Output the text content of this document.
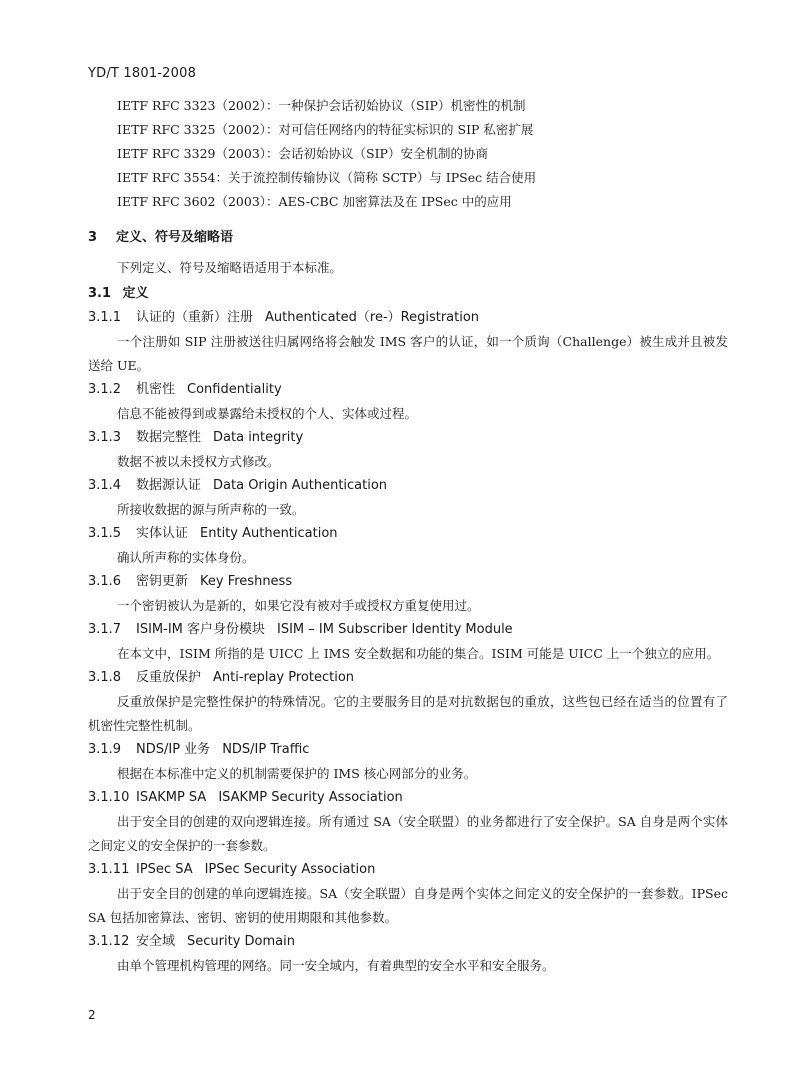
YD/T 1801-2008
IETF RFC 3323（2002）：一种保护会话初始协议（SIP）机密性的机制
IETF RFC 3325（2002）：对可信任网络内的特征实标识的 SIP 私密扩展
IETF RFC 3329（2003）：会话初始协议（SIP）安全机制的协商
IETF RFC 3554：关于流控制传输协议（简称 SCTP）与 IPSec 结合使用
IETF RFC 3602（2003）：AES-CBC 加密算法及在 IPSec 中的应用
3 定义、符号及缩略语
下列定义、符号及缩略语适用于本标准。
3.1 定义
3.1.1 认证的（重新）注册 Authenticated（re-）Registration

一个注册如 SIP 注册被送往归属网络将会触发 IMS 客户的认证，如一个质询（Challenge）被生成并且被发送给 UE。

3.1.2 机密性 Confidentiality

信息不能被得到或暴露给未授权的个人、实体或过程。

3.1.3 数据完整性 Data integrity

数据不被以未授权方式修改。

3.1.4 数据源认证 Data Origin Authentication

所接收数据的源与所声称的一致。

3.1.5 实体认证 Entity Authentication

确认所声称的实体身份。

3.1.6 密钥更新 Key Freshness

一个密钥被认为是新的，如果它没有被对手或授权方重复使用过。

3.1.7 ISIM-IM 客户身份模块 ISIM – IM Subscriber Identity Module

在本文中，ISIM 所指的是 UICC 上 IMS 安全数据和功能的集合。ISIM 可能是 UICC 上一个独立的应用。

3.1.8 反重放保护 Anti-replay Protection

反重放保护是完整性保护的特殊情况。它的主要服务目的是对抗数据包的重放，这些包已经在适当的位置有了机密性完整性机制。

3.1.9 NDS/IP 业务 NDS/IP Traffic

根据在本标准中定义的机制需要保护的 IMS 核心网部分的业务。

3.1.10 ISAKMP SA ISAKMP Security Association

出于安全目的创建的双向逻辑连接。所有通过 SA（安全联盟）的业务都进行了安全保护。SA 自身是两个实体之间定义的安全保护的一套参数。

3.1.11 IPSec SA IPSec Security Association

出于安全目的创建的单向逻辑连接。SA（安全联盟）自身是两个实体之间定义的安全保护的一套参数。IPSec SA 包括加密算法、密钥、密钥的使用期限和其他参数。

3.1.12 安全域 Security Domain

由单个管理机构管理的网络。同一安全域内，有着典型的安全水平和安全服务。

2
